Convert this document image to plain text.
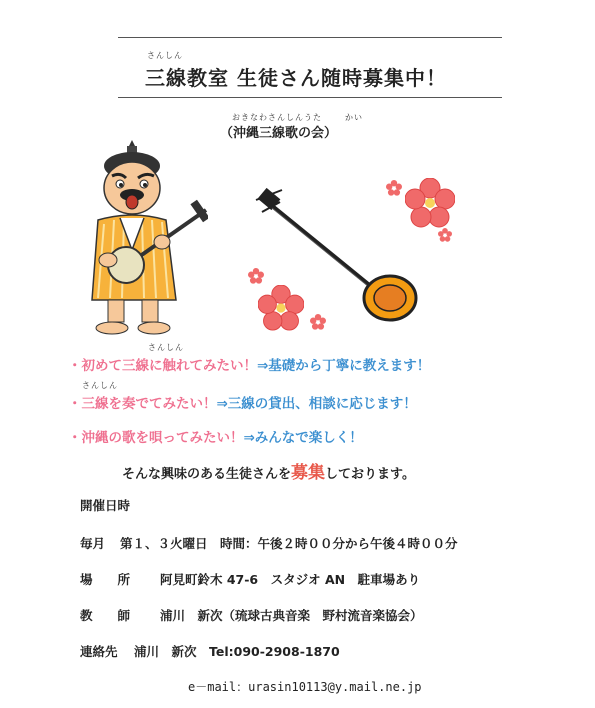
さんしん
三線教室 生徒さん随時募集中！
おきなわさんしんうた	かい
（沖縄三線歌の会）
さんしん
・初めて三線に触れてみたい！⇒基礎から丁寧に教えます！
さんしん
・三線を奏でてみたい！⇒三線の貸出、相談に応じます！
・沖縄の歌を唄ってみたい！⇒みんなで楽しく！
そんな興味のある生徒さんを募集しております。
開催日時
毎月 第１、３火曜日　時間：午後２時００分から午後４時００分
場　　所 阿見町鈴木 47-6　スタジオ AN　駐車場あり
教　　師 浦川　新次（琉球古典音楽　野村流音楽協会）
連絡先 浦川　新次　Tel:090-2908-1870
e－mail：urasin10113@y.mail.ne.jp
